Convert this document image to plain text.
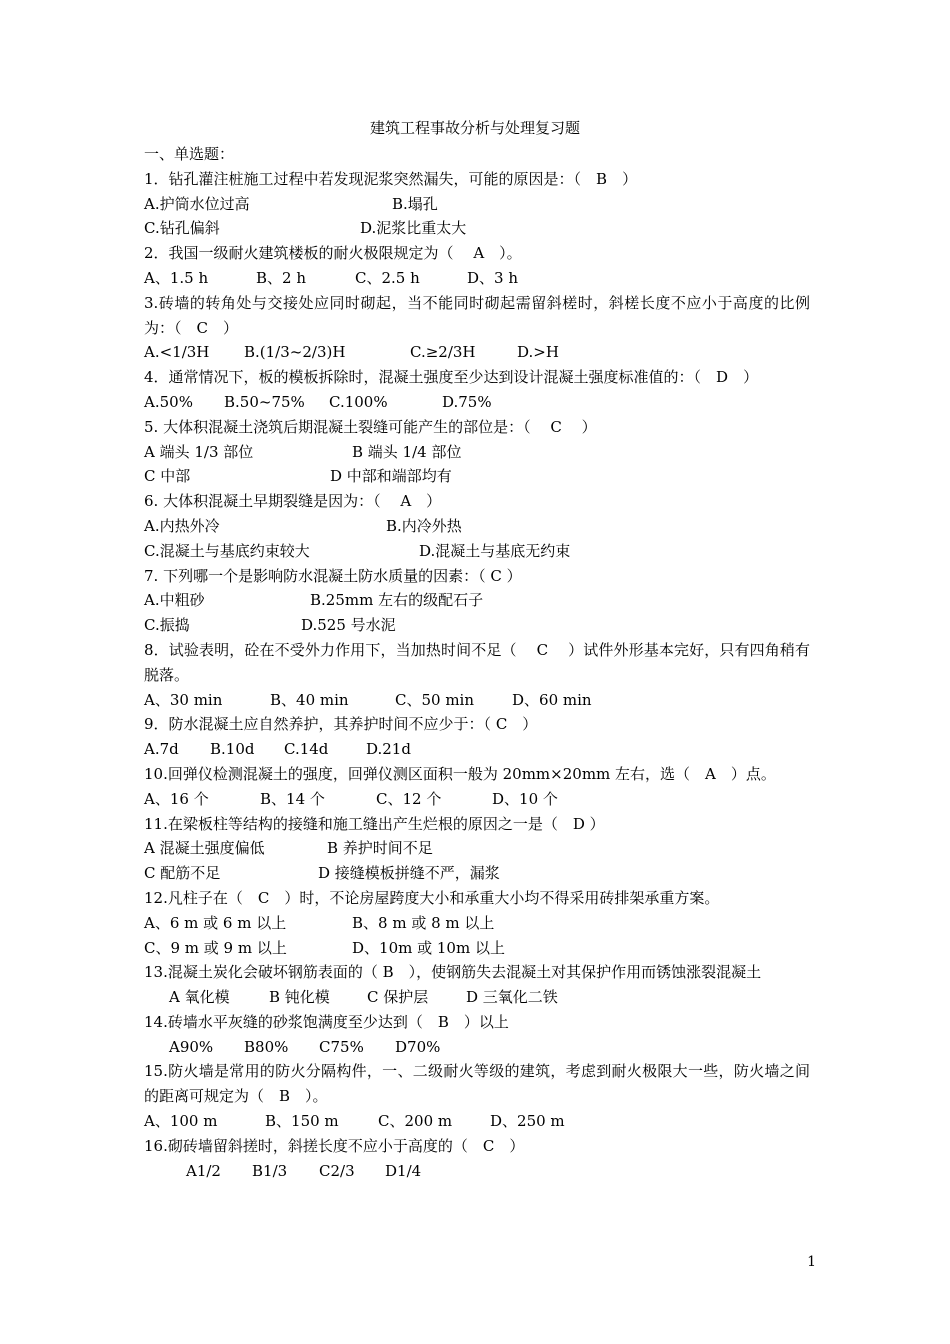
建筑工程事故分析与处理复习题
一、单选题：
1．钻孔灌注桩施工过程中若发现泥浆突然漏失，可能的原因是：（　B　）
A.护筒水位过高	B.塌孔
C.钻孔偏斜	D.泥浆比重太大
2．我国一级耐火建筑楼板的耐火极限规定为（　 A　）。
A、1.5 h	B、2 h	C、2.5 h	D、3 h
3.砖墙的转角处与交接处应同时砌起，当不能同时砌起需留斜槎时，斜槎长度不应小于高度的比例为：（　C　）
A.<1/3H	B.(1/3~2/3)H	C.≥2/3H	D.>H
4．通常情况下，板的模板拆除时，混凝土强度至少达到设计混凝土强度标准值的：（　D　）
A.50%	B.50~75%	C.100%	D.75%
5. 大体积混凝土浇筑后期混凝土裂缝可能产生的部位是：（　 C　 ）
A 端头 1/3 部位	B 端头 1/4 部位
C 中部	D 中部和端部均有
6. 大体积混凝土早期裂缝是因为：（　 A　）
A.内热外冷	B.内冷外热
C.混凝土与基底约束较大	D.混凝土与基底无约束
7. 下列哪一个是影响防水混凝土防水质量的因素：（ C ）
A.中粗砂	B.25mm 左右的级配石子
C.振捣	D.525 号水泥
8．试验表明，砼在不受外力作用下，当加热时间不足（　 C　 ）试件外形基本完好，只有四角稍有脱落。
A、30 min	B、40 min	C、50 min	D、60 min
9．防水混凝土应自然养护，其养护时间不应少于：（ C　）
A.7d	B.10d	C.14d	D.21d
10.回弹仪检测混凝土的强度，回弹仪测区面积一般为 20mm×20mm 左右，选（　A　）点。
A、16 个	B、14 个	C、12 个	D、10 个
11.在梁板柱等结构的接缝和施工缝出产生烂根的原因之一是（　D ）
A 混凝土强度偏低	B 养护时间不足
C 配筋不足	D 接缝模板拼缝不严，漏浆
12.凡柱子在（　C　）时，不论房屋跨度大小和承重大小均不得采用砖排架承重方案。
A、6 m 或 6 m 以上	B、8 m 或 8 m 以上
C、9 m 或 9 m 以上	D、10m 或 10m 以上
13.混凝土炭化会破坏钢筋表面的（ B　），使钢筋失去混凝土对其保护作用而锈蚀涨裂混凝土
A 氧化模	B 钝化模	C 保护层	D 三氧化二铁
14.砖墙水平灰缝的砂浆饱满度至少达到（　B　）以上
A90%	B80%	C75%	D70%
15.防火墙是常用的防火分隔构件，一、二级耐火等级的建筑，考虑到耐火极限大一些，防火墙之间的距离可规定为（　B　）。
A、100 m	B、150 m	C、200 m	D、250 m
16.砌砖墙留斜搓时，斜搓长度不应小于高度的（　C　）
A1/2	B1/3	C2/3	D1/4
1
